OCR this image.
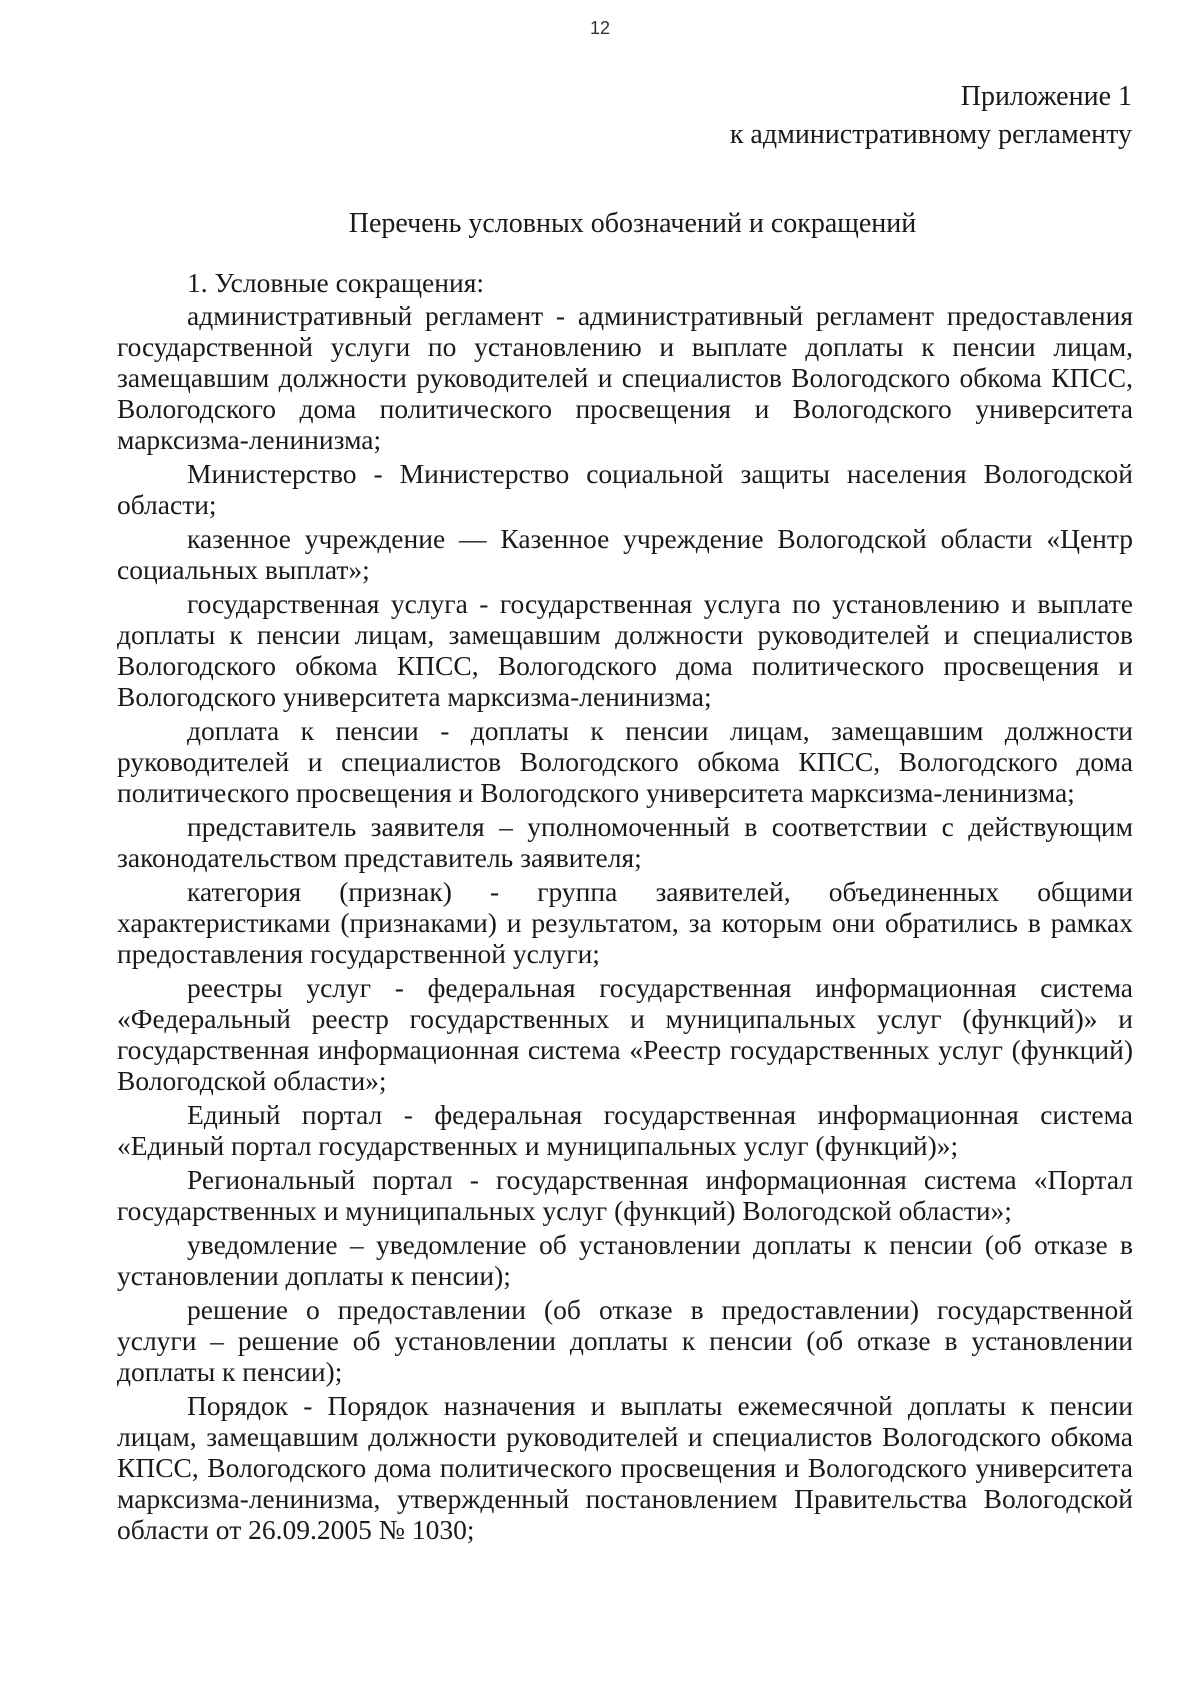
12
Приложение 1
к административному регламенту
Перечень условных обозначений и сокращений

1. Условные сокращения:

административный регламент - административный регламент предоставления государственной услуги по установлению и выплате доплаты к пенсии лицам, замещавшим должности руководителей и специалистов Вологодского обкома КПСС, Вологодского дома политического просвещения и Вологодского университета марксизма-ленинизма;

Министерство - Министерство социальной защиты населения Вологодской области;

казенное учреждение — Казенное учреждение Вологодской области «Центр социальных выплат»;

государственная услуга - государственная услуга по установлению и выплате доплаты к пенсии лицам, замещавшим должности руководителей и специалистов Вологодского обкома КПСС, Вологодского дома политического просвещения и Вологодского университета марксизма-ленинизма;

доплата к пенсии - доплаты к пенсии лицам, замещавшим должности руководителей и специалистов Вологодского обкома КПСС, Вологодского дома политического просвещения и Вологодского университета марксизма-ленинизма;

представитель заявителя – уполномоченный в соответствии с действующим законодательством представитель заявителя;

категория (признак) - группа заявителей, объединенных общими характеристиками (признаками) и результатом, за которым они обратились в рамках предоставления государственной услуги;

реестры услуг - федеральная государственная информационная система «Федеральный реестр государственных и муниципальных услуг (функций)» и государственная информационная система «Реестр государственных услуг (функций) Вологодской области»;

Единый портал - федеральная государственная информационная система «Единый портал государственных и муниципальных услуг (функций)»;

Региональный портал - государственная информационная система «Портал государственных и муниципальных услуг (функций) Вологодской области»;

уведомление – уведомление об установлении доплаты к пенсии (об отказе в установлении доплаты к пенсии);

решение о предоставлении (об отказе в предоставлении) государственной услуги – решение об установлении доплаты к пенсии (об отказе в установлении доплаты к пенсии);

Порядок - Порядок назначения и выплаты ежемесячной доплаты к пенсии лицам, замещавшим должности руководителей и специалистов Вологодского обкома КПСС, Вологодского дома политического просвещения и Вологодского университета марксизма-ленинизма, утвержденный постановлением Правительства Вологодской области от 26.09.2005 № 1030;
